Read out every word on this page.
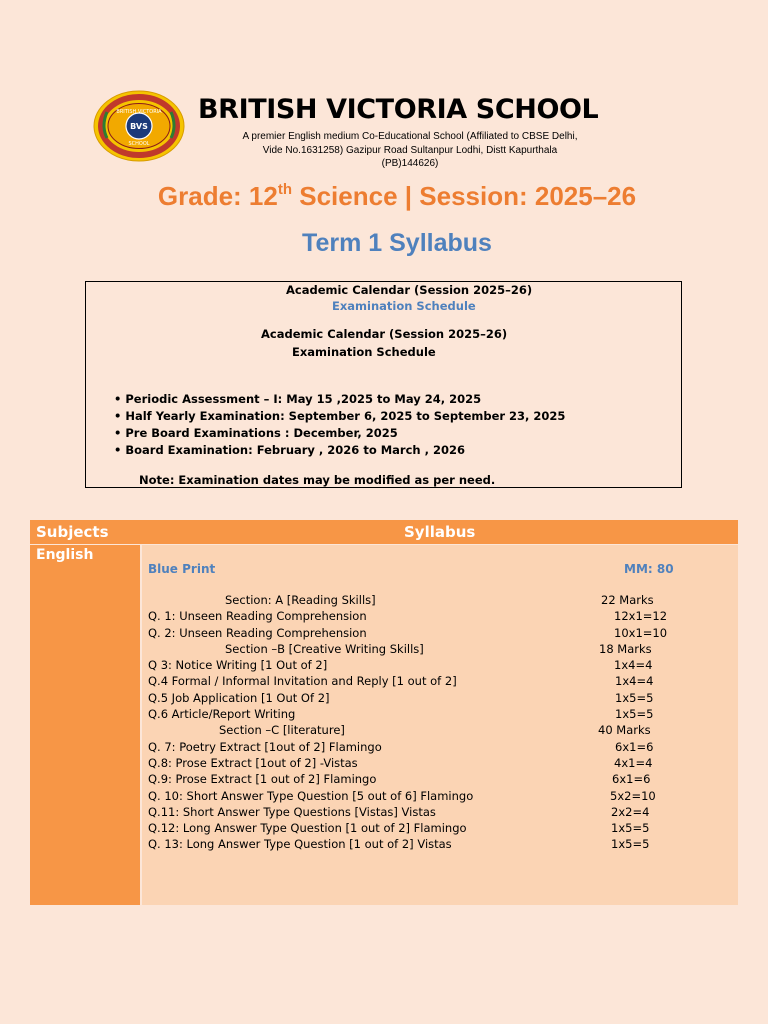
BRITISH VICTORIA
BVS
SCHOOL
BRITISH VICTORIA SCHOOL
A premier English medium Co-Educational School (Affiliated to CBSE Delhi,
Vide No.1631258) Gazipur Road Sultanpur Lodhi, Distt Kapurthala
(PB)144626)
Grade: 12th Science | Session: 2025–26
Term 1 Syllabus
Academic Calendar (Session 2025–26)
Examination Schedule
Academic Calendar (Session 2025–26)
Examination Schedule
• Periodic Assessment – I: May 15 ,2025 to May 24, 2025
• Half Yearly Examination: September 6, 2025 to September 23, 2025
• Pre Board Examinations : December, 2025
• Board Examination: February , 2026 to March , 2026
Note: Examination dates may be modified as per need.
Subjects	Syllabus
English
Blue Print	MM: 80
Section: A [Reading Skills]	22 Marks
Q. 1: Unseen Reading Comprehension	12x1=12
Q. 2: Unseen Reading Comprehension	10x1=10
Section –B [Creative Writing Skills]	18 Marks
Q 3: Notice Writing [1 Out of 2]	1x4=4
Q.4 Formal / Informal Invitation and Reply [1 out of 2]	1x4=4
Q.5 Job Application [1 Out Of 2]	1x5=5
Q.6 Article/Report Writing	1x5=5
Section –C [literature]	40 Marks
Q. 7: Poetry Extract [1out of 2] Flamingo	6x1=6
Q.8: Prose Extract [1out of 2] -Vistas	4x1=4
Q.9: Prose Extract [1 out of 2] Flamingo	6x1=6
Q. 10: Short Answer Type Question [5 out of 6] Flamingo	5x2=10
Q.11: Short Answer Type Questions [Vistas] Vistas	2x2=4
Q.12: Long Answer Type Question [1 out of 2] Flamingo	1x5=5
Q. 13: Long Answer Type Question [1 out of 2] Vistas	1x5=5
